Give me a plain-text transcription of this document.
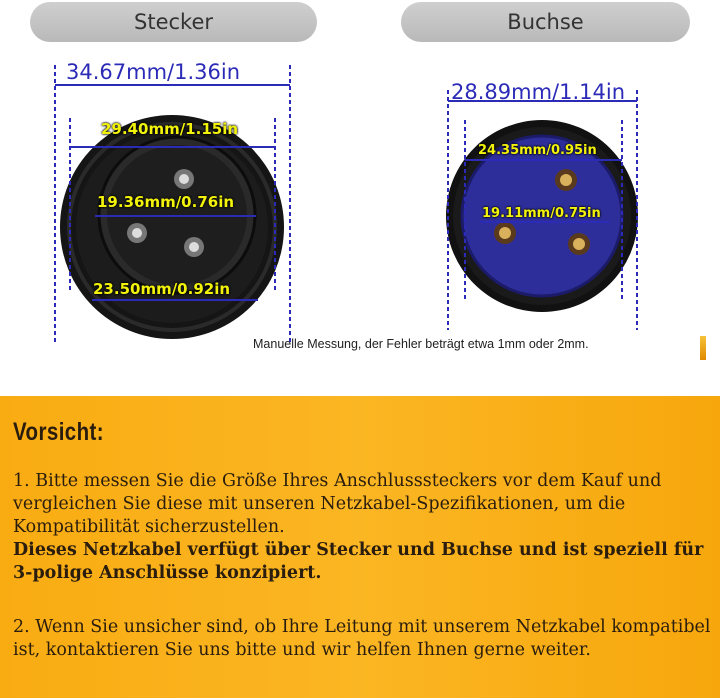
Stecker	Buchse
34.67mm/1.36in
29.40mm/1.15in
19.36mm/0.76in
23.50mm/0.92in
28.89mm/1.14in
24.35mm/0.95in
19.11mm/0.75in
Manuelle Messung, der Fehler beträgt etwa 1mm oder 2mm.
Vorsicht:
1. Bitte messen Sie die Größe Ihres Anschlusssteckers vor dem Kauf und vergleichen Sie diese mit unseren Netzkabel-Spezifikationen, um die Kompatibilität sicherzustellen.
Dieses Netzkabel verfügt über Stecker und Buchse und ist speziell für 3-polige Anschlüsse konzipiert.
2. Wenn Sie unsicher sind, ob Ihre Leitung mit unserem Netzkabel kompatibel ist, kontaktieren Sie uns bitte und wir helfen Ihnen gerne weiter.
